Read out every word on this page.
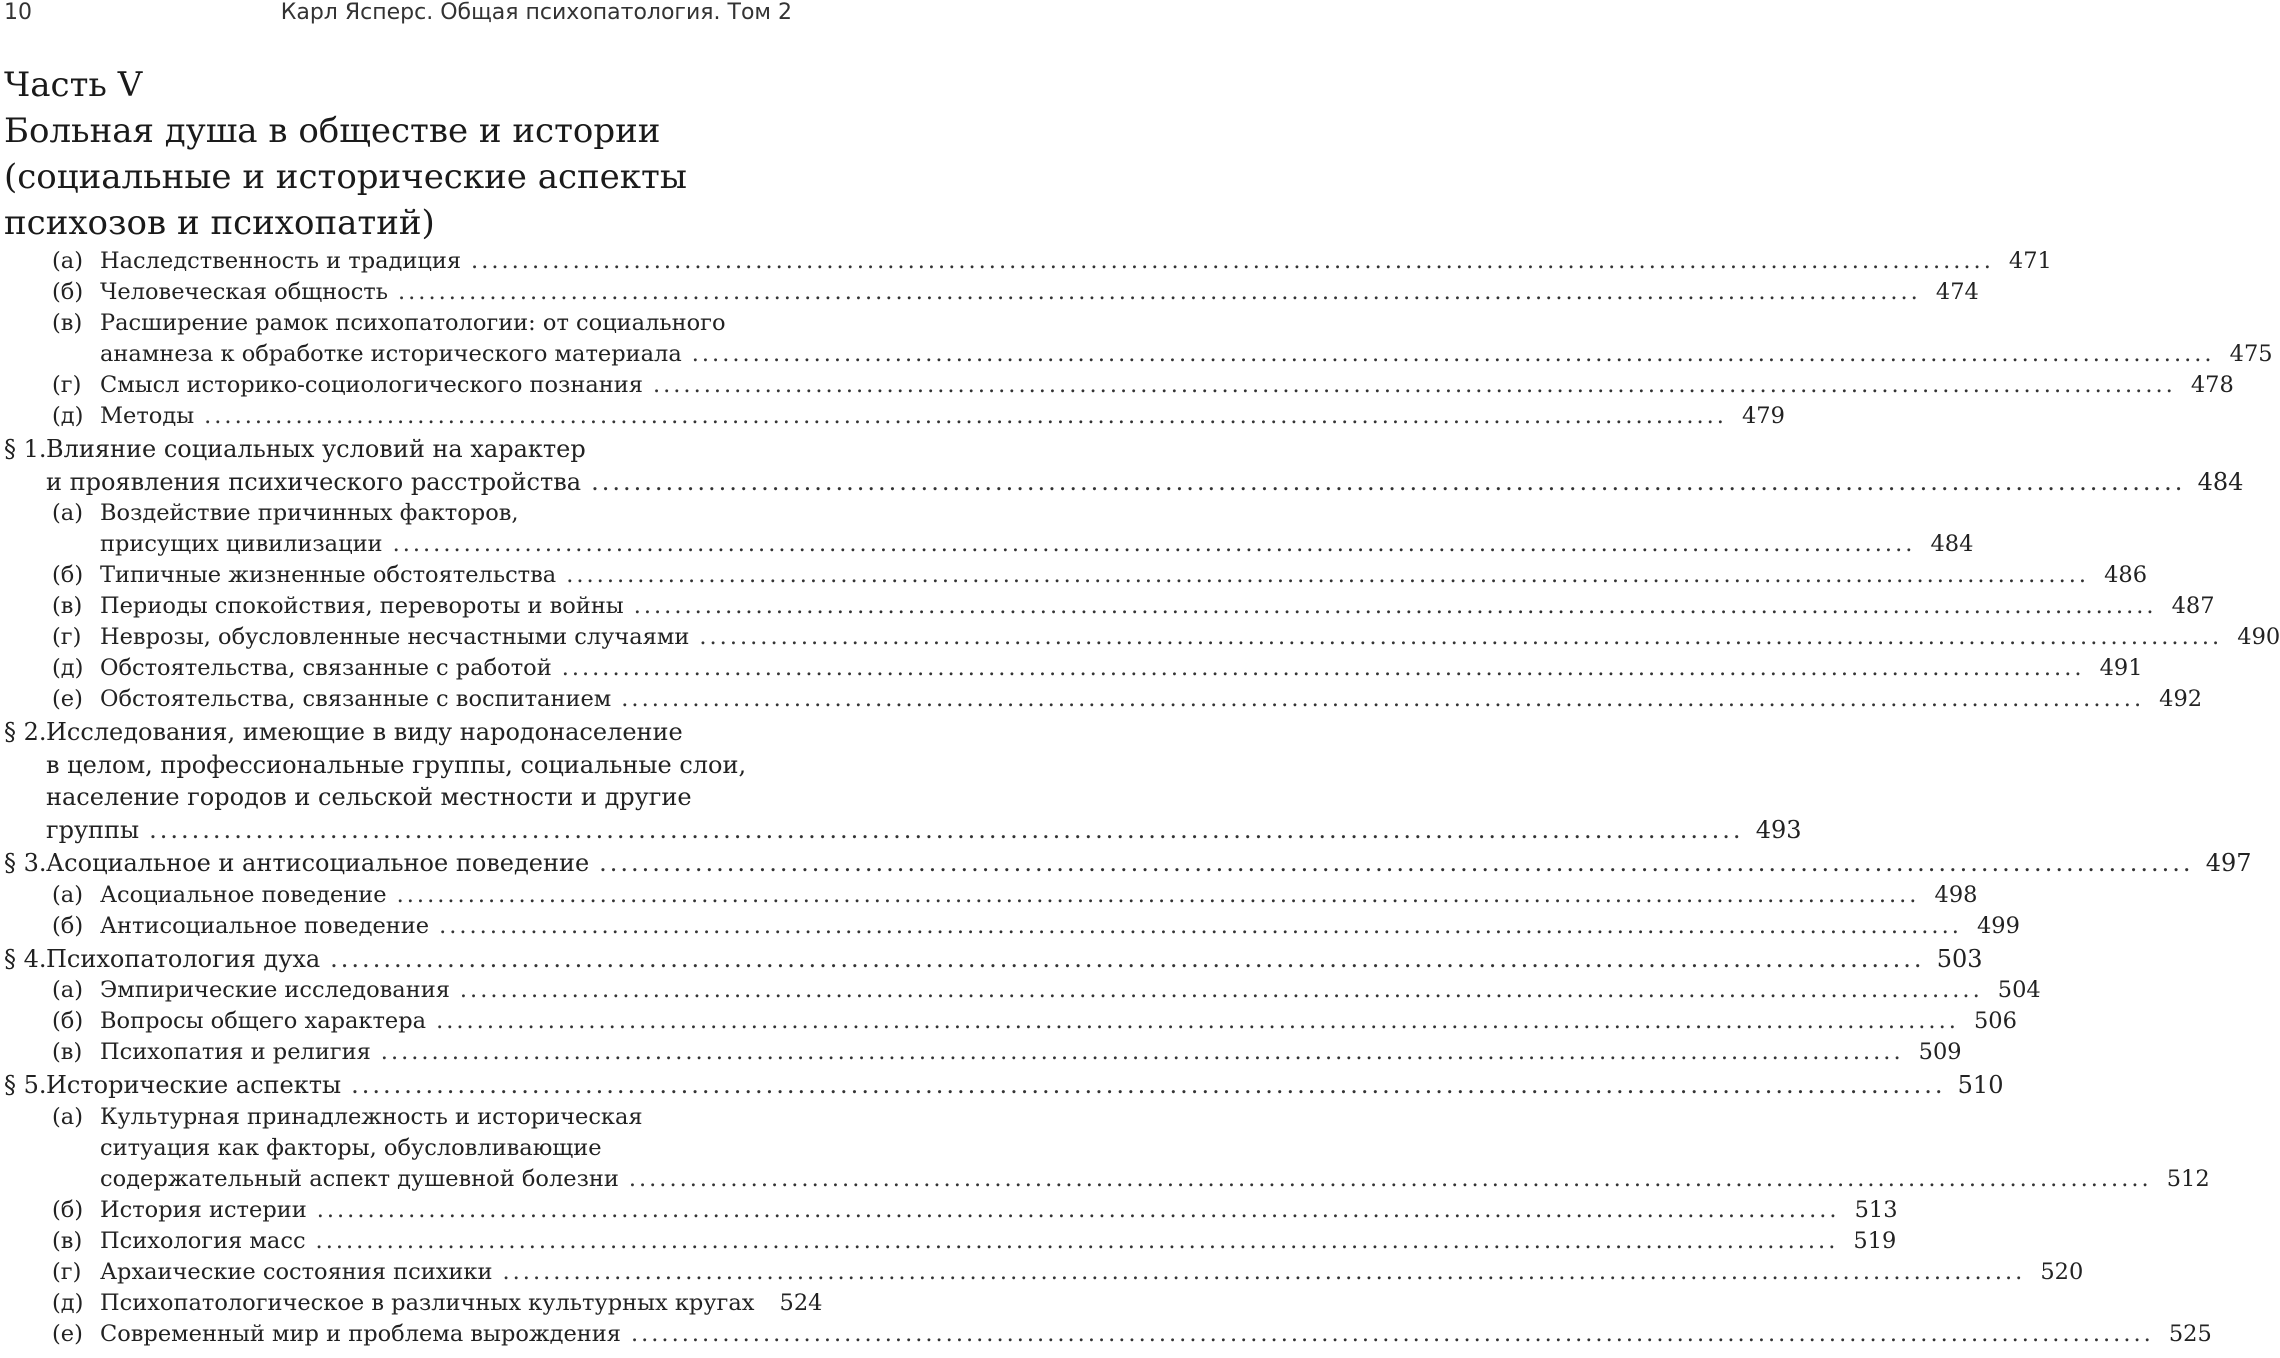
10	Карл Ясперс. Общая психопатология. Том 2
Часть V
Больная душа в обществе и истории
(социальные и исторические аспекты
психозов и психопатий)
(а) Наследственность и традиция .....	471
(б) Человеческая общность .....	474
(в) Расширение рамок психопатологии: от социального
анамнеза к обработке исторического материала .....	475
(г) Смысл историко-социологического познания .....	478
(д) Методы .....	479
§ 1. Влияние социальных условий на характер
и проявления психического расстройства .....	484
(а) Воздействие причинных факторов,
присущих цивилизации .....	484
(б) Типичные жизненные обстоятельства .....	486
(в) Периоды спокойствия, перевороты и войны .....	487
(г) Неврозы, обусловленные несчастными случаями .....	490
(д) Обстоятельства, связанные с работой .....	491
(е) Обстоятельства, связанные с воспитанием .....	492
§ 2. Исследования, имеющие в виду народонаселение
в целом, профессиональные группы, социальные слои,
население городов и сельской местности и другие
группы .....	493
§ 3. Асоциальное и антисоциальное поведение .....	497
(а) Асоциальное поведение .....	498
(б) Антисоциальное поведение .....	499
§ 4. Психопатология духа .....	503
(а) Эмпирические исследования .....	504
(б) Вопросы общего характера .....	506
(в) Психопатия и религия .....	509
§ 5. Исторические аспекты .....	510
(а) Культурная принадлежность и историческая
ситуация как факторы, обусловливающие
содержательный аспект душевной болезни .....	512
(б) История истерии .....	513
(в) Психология масс .....	519
(г) Архаические состояния психики .....	520
(д) Психопатологическое в различных культурных кругах	524
(е) Современный мир и проблема вырождения .....	525
